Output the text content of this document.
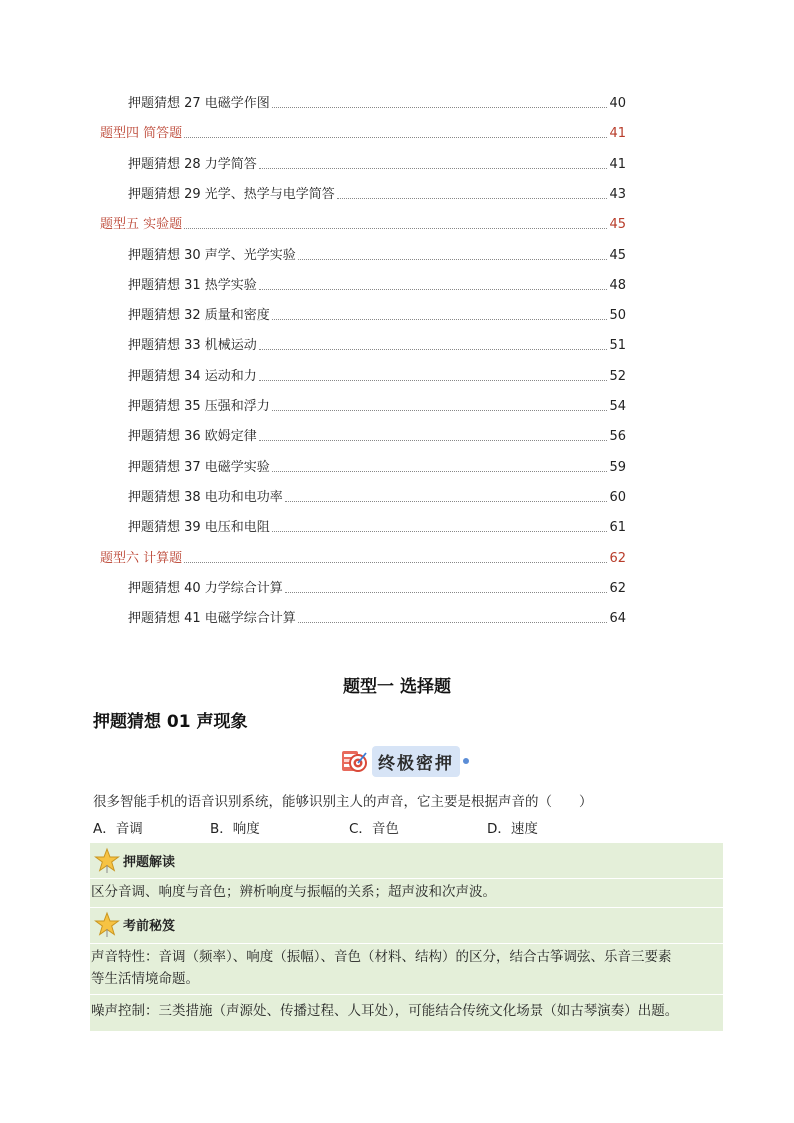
押题猜想 27 电磁学作图	40
题型四 简答题	41
押题猜想 28 力学简答	41
押题猜想 29 光学、热学与电学简答	43
题型五 实验题	45
押题猜想 30 声学、光学实验	45
押题猜想 31 热学实验	48
押题猜想 32 质量和密度	50
押题猜想 33 机械运动	51
押题猜想 34 运动和力	52
押题猜想 35 压强和浮力	54
押题猜想 36 欧姆定律	56
押题猜想 37 电磁学实验	59
押题猜想 38 电功和电功率	60
押题猜想 39 电压和电阻	61
题型六 计算题	62
押题猜想 40 力学综合计算	62
押题猜想 41 电磁学综合计算	64
题型一 选择题
押题猜想 01 声现象
终极密押
很多智能手机的语音识别系统，能够识别主人的声音，它主要是根据声音的（　　）
A．音调	B．响度	C．音色	D．速度
押题解读
区分音调、响度与音色；辨析响度与振幅的关系；超声波和次声波。
考前秘笈
声音特性：音调（频率）、响度（振幅）、音色（材料、结构）的区分，结合古筝调弦、乐音三要素
等生活情境命题。
噪声控制：三类措施（声源处、传播过程、人耳处），可能结合传统文化场景（如古琴演奏）出题。
